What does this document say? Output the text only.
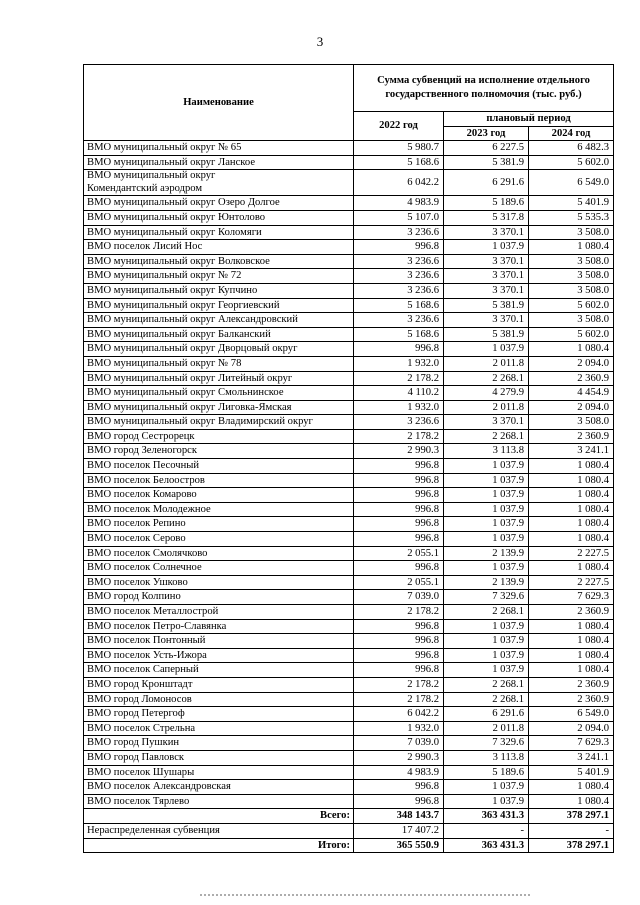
3
Наименование	Сумма субвенций на исполнение отдельного государственного полномочия (тыс. руб.)		
	2022 год	плановый период	
		2023 год	2024 год
ВМО муниципальный округ № 65	5 980.7	6 227.5	6 482.3
ВМО муниципальный округ Ланское	5 168.6	5 381.9	5 602.0

ВМО муниципальный округ
Комендантский аэродром	6 042.2	6 291.6	6 549.0
ВМО муниципальный округ Озеро Долгое	4 983.9	5 189.6	5 401.9
ВМО муниципальный округ Юнтолово	5 107.0	5 317.8	5 535.3
ВМО муниципальный округ Коломяги	3 236.6	3 370.1	3 508.0
ВМО поселок Лисий Нос	996.8	1 037.9	1 080.4
ВМО муниципальный округ Волковское	3 236.6	3 370.1	3 508.0
ВМО муниципальный округ № 72	3 236.6	3 370.1	3 508.0
ВМО муниципальный округ Купчино	3 236.6	3 370.1	3 508.0
ВМО муниципальный округ Георгиевский	5 168.6	5 381.9	5 602.0
ВМО муниципальный округ Александровский	3 236.6	3 370.1	3 508.0
ВМО муниципальный округ Балканский	5 168.6	5 381.9	5 602.0
ВМО муниципальный округ Дворцовый округ	996.8	1 037.9	1 080.4
ВМО муниципальный округ № 78	1 932.0	2 011.8	2 094.0
ВМО муниципальный округ Литейный округ	2 178.2	2 268.1	2 360.9
ВМО муниципальный округ Смольнинское	4 110.2	4 279.9	4 454.9
ВМО муниципальный округ Лиговка-Ямская	1 932.0	2 011.8	2 094.0
ВМО муниципальный округ Владимирский округ	3 236.6	3 370.1	3 508.0
ВМО город Сестрорецк	2 178.2	2 268.1	2 360.9
ВМО город Зеленогорск	2 990.3	3 113.8	3 241.1
ВМО поселок Песочный	996.8	1 037.9	1 080.4
ВМО поселок Белоостров	996.8	1 037.9	1 080.4
ВМО поселок Комарово	996.8	1 037.9	1 080.4
ВМО поселок Молодежное	996.8	1 037.9	1 080.4
ВМО поселок Репино	996.8	1 037.9	1 080.4
ВМО поселок Серово	996.8	1 037.9	1 080.4
ВМО поселок Смолячково	2 055.1	2 139.9	2 227.5
ВМО поселок Солнечное	996.8	1 037.9	1 080.4
ВМО поселок Ушково	2 055.1	2 139.9	2 227.5
ВМО город Колпино	7 039.0	7 329.6	7 629.3
ВМО поселок Металлострой	2 178.2	2 268.1	2 360.9
ВМО поселок Петро-Славянка	996.8	1 037.9	1 080.4
ВМО поселок Понтонный	996.8	1 037.9	1 080.4
ВМО поселок Усть-Ижора	996.8	1 037.9	1 080.4
ВМО поселок Саперный	996.8	1 037.9	1 080.4
ВМО город Кронштадт	2 178.2	2 268.1	2 360.9
ВМО город Ломоносов	2 178.2	2 268.1	2 360.9
ВМО город Петергоф	6 042.2	6 291.6	6 549.0
ВМО поселок Стрельна	1 932.0	2 011.8	2 094.0
ВМО город Пушкин	7 039.0	7 329.6	7 629.3
ВМО город Павловск	2 990.3	3 113.8	3 241.1
ВМО поселок Шушары	4 983.9	5 189.6	5 401.9
ВМО поселок Александровская	996.8	1 037.9	1 080.4
ВМО поселок Тярлево	996.8	1 037.9	1 080.4
Всего:	348 143.7	363 431.3	378 297.1
Нераспределенная субвенция	17 407.2	-	-
Итого:	365 550.9	363 431.3	378 297.1
